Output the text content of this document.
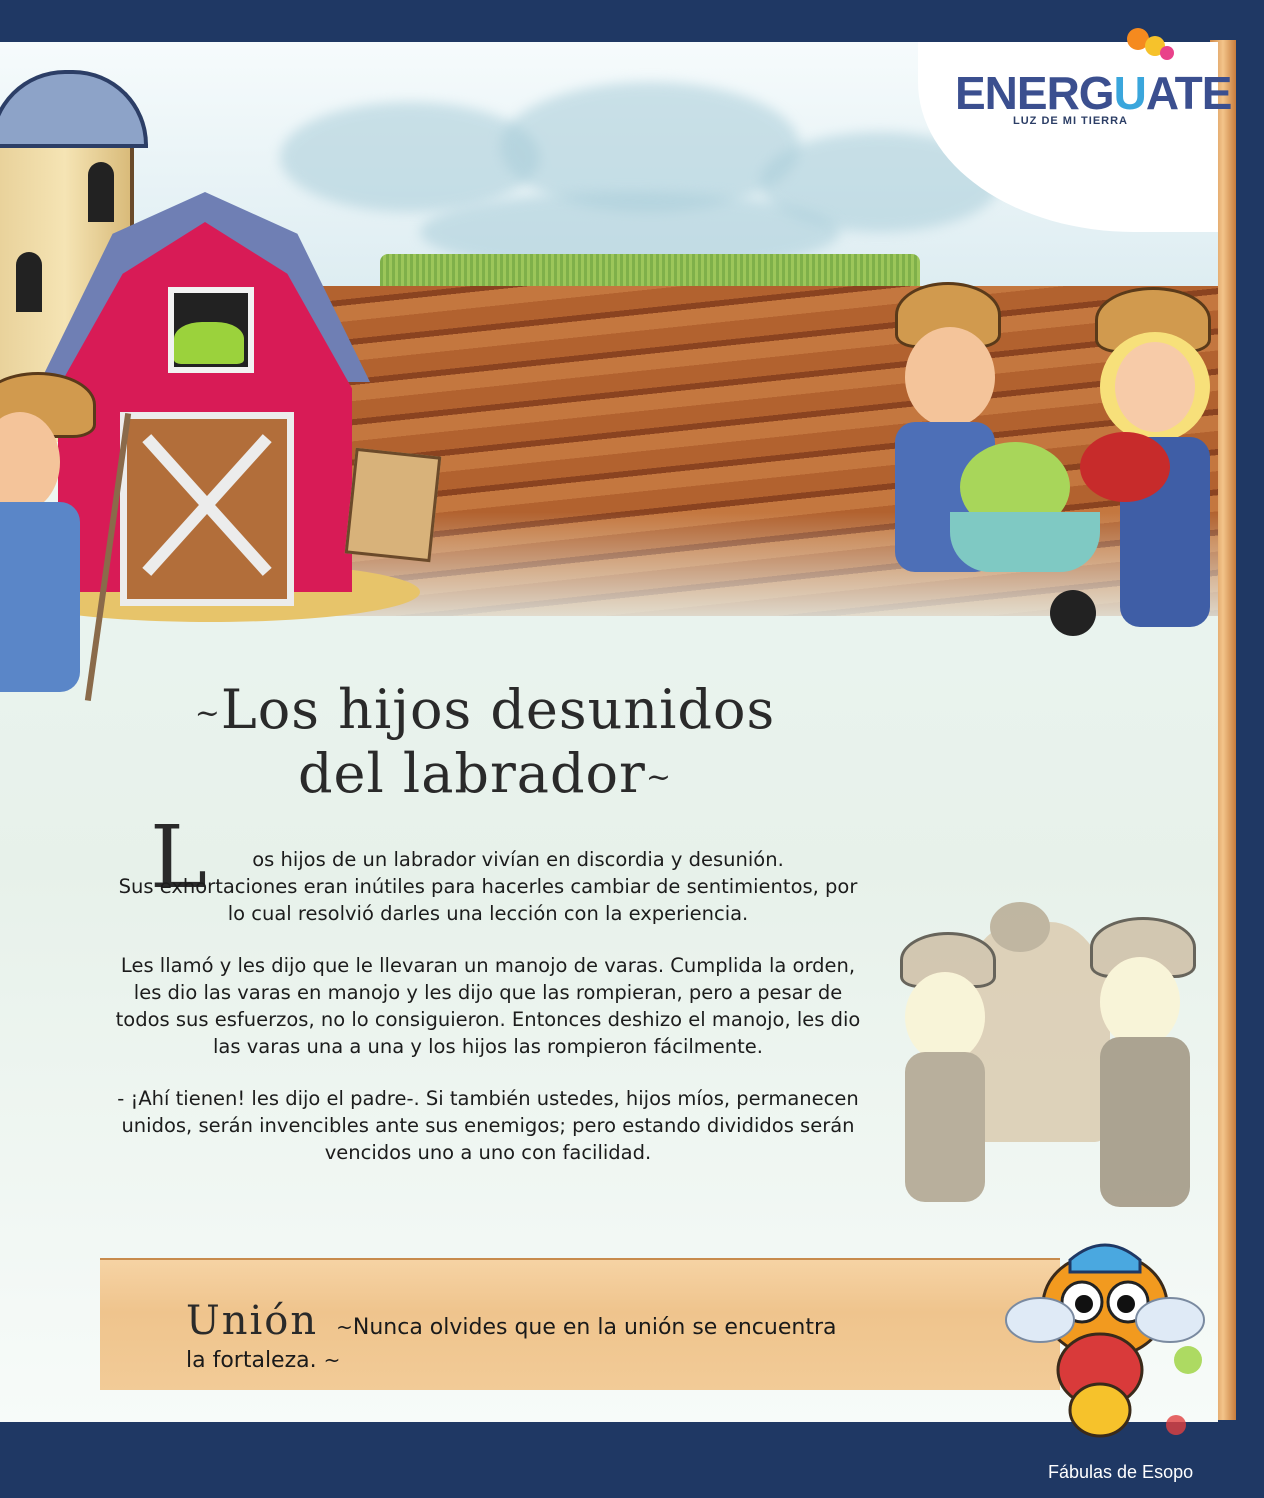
ENERGUATE
LUZ DE MI TIERRA
~Los hijos desunidos
del labrador~
L	os hijos de un labrador vivían en discordia y desunión.
Sus exhortaciones eran inútiles para hacerles cambiar de sentimientos, por lo cual resolvió darles una lección con la experiencia.

Les llamó y les dijo que le llevaran un manojo de varas. Cumplida la orden, les dio las varas en manojo y les dijo que las rompieran, pero a pesar de todos sus esfuerzos, no lo consiguieron. Entonces deshizo el manojo, les dio las varas una a una y los hijos las rompieron fácilmente.

- ¡Ahí tienen! les dijo el padre-. Si también ustedes, hijos míos, permanecen unidos, serán invencibles ante sus enemigos; pero estando divididos serán vencidos uno a uno con facilidad.

Unión ~Nunca olvides que en la unión se encuentra
la fortaleza. ~
Fábulas de Esopo
